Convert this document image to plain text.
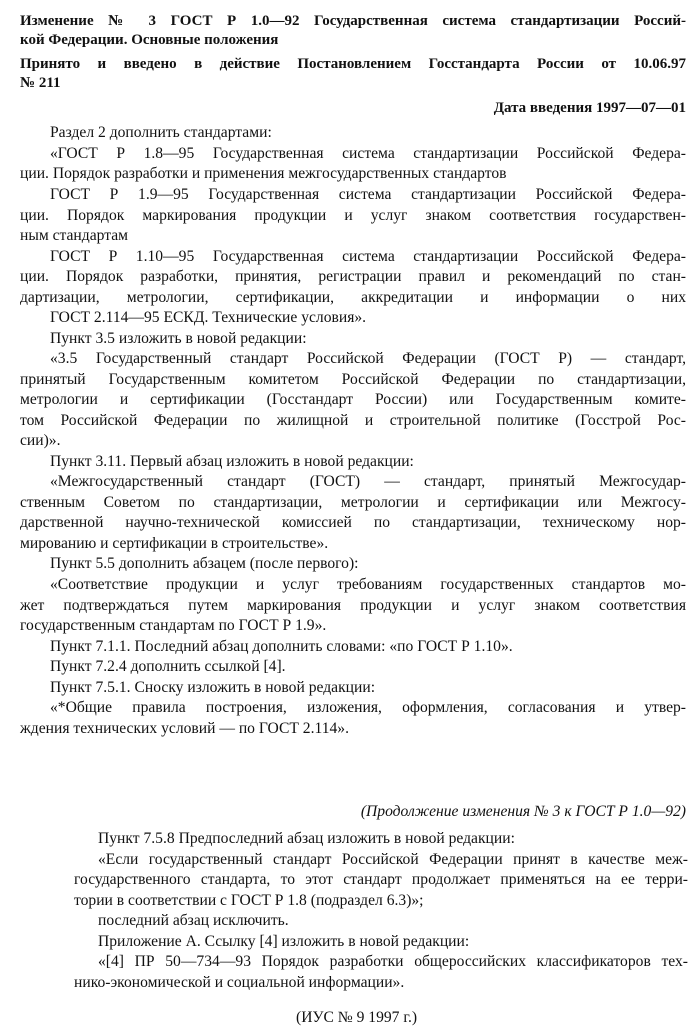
Изменение № 3 ГОСТ Р 1.0—92 Государственная система стандартизации Россий-
кой Федерации. Основные положения
Принято и введено в действие Постановлением Госстандарта России от 10.06.97
№ 211
Дата введения 1997—07—01
Раздел 2 дополнить стандартами:
«ГОСТ Р 1.8—95 Государственная система стандартизации Российской Федера-
ции. Порядок разработки и применения межгосударственных стандартов
ГОСТ Р 1.9—95 Государственная система стандартизации Российской Федера-
ции. Порядок маркирования продукции и услуг знаком соответствия государствен-
ным стандартам
ГОСТ Р 1.10—95 Государственная система стандартизации Российской Федера-
ции. Порядок разработки, принятия, регистрации правил и рекомендаций по стан-
дартизации, метрологии, сертификации, аккредитации и информации о них
ГОСТ 2.114—95 ЕСКД. Технические условия».
Пункт 3.5 изложить в новой редакции:
«3.5 Государственный стандарт Российской Федерации (ГОСТ Р) — стандарт,
принятый Государственным комитетом Российской Федерации по стандартизации,
метрологии и сертификации (Госстандарт России) или Государственным комите-
том Российской Федерации по жилищной и строительной политике (Госстрой Рос-
сии)».
Пункт 3.11. Первый абзац изложить в новой редакции:
«Межгосударственный стандарт (ГОСТ) — стандарт, принятый Межгосудар-
ственным Советом по стандартизации, метрологии и сертификации или Межгосу-
дарственной научно-технической комиссией по стандартизации, техническому нор-
мированию и сертификации в строительстве».
Пункт 5.5 дополнить абзацем (после первого):
«Соответствие продукции и услуг требованиям государственных стандартов мо-
жет подтверждаться путем маркирования продукции и услуг знаком соответствия
государственным стандартам по ГОСТ Р 1.9».
Пункт 7.1.1. Последний абзац дополнить словами: «по ГОСТ Р 1.10».
Пункт 7.2.4 дополнить ссылкой [4].
Пункт 7.5.1. Сноску изложить в новой редакции:
«*Общие правила построения, изложения, оформления, согласования и утвер-
ждения технических условий — по ГОСТ 2.114».
(Продолжение изменения № 3 к ГОСТ Р 1.0—92)
Пункт 7.5.8 Предпоследний абзац изложить в новой редакции:
«Если государственный стандарт Российской Федерации принят в качестве меж-
государственного стандарта, то этот стандарт продолжает применяться на ее терри-
тории в соответствии с ГОСТ Р 1.8 (подраздел 6.3)»;
последний абзац исключить.
Приложение А. Ссылку [4] изложить в новой редакции:
«[4] ПР 50—734—93 Порядок разработки общероссийских классификаторов тех-
нико-экономической и социальной информации».
(ИУС № 9 1997 г.)
